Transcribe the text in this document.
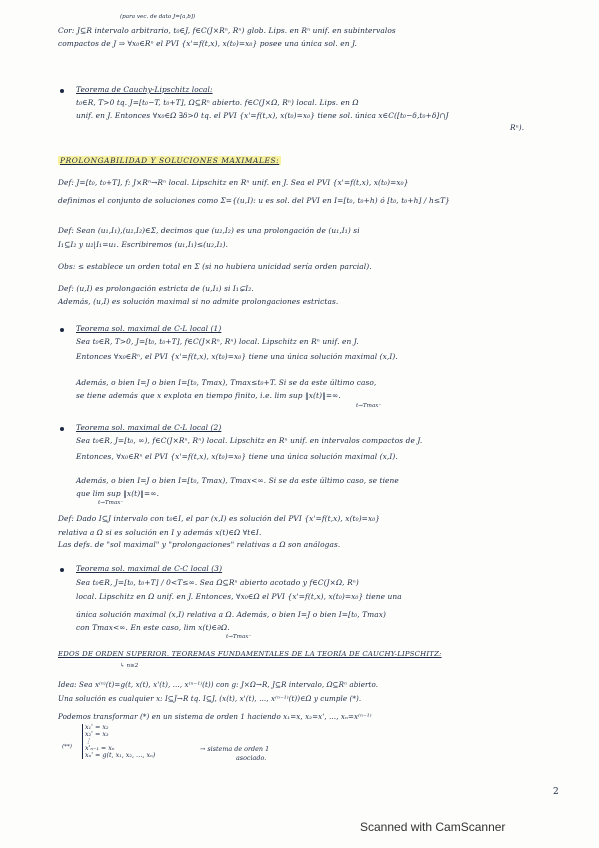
(para vec. de dato J=[a,b])
Cor: J⊆R intervalo arbitrario, t₀∈J, f∈C(J×Rⁿ, Rⁿ) glob. Lips. en Rⁿ unif. en subintervalos
compactos de J ⇒ ∀x₀∈Rⁿ el PVI {x'=f(t,x), x(t₀)=x₀} posee una única sol. en J.
Teorema de Cauchy-Lipschitz local:
t₀∈R, T>0 tq. J=[t₀−T, t₀+T], Ω⊆Rⁿ abierto. f∈C(J×Ω, Rⁿ) local. Lips. en Ω
unif. en J. Entonces ∀x₀∈Ω ∃δ>0 tq. el PVI {x'=f(t,x), x(t₀)=x₀} tiene sol. única x∈C([t₀−δ,t₀+δ]∩J
Rⁿ).
PROLONGABILIDAD Y SOLUCIONES MAXIMALES:
Def: J=[t₀, t₀+T], f: J×Rⁿ→Rⁿ local. Lipschitz en Rⁿ unif. en J. Sea el PVI {x'=f(t,x), x(t₀)=x₀}
definimos el conjunto de soluciones como Σ={(u,I): u es sol. del PVI en I=[t₀, t₀+h) ó [t₀, t₀+h] / h≤T}
Def: Sean (u₁,I₁),(u₂,I₂)∈Σ, decimos que (u₂,I₂) es una prolongación de (u₁,I₁) si
I₁⊆I₂ y u₂|I₁=u₁. Escribiremos (u₁,I₁)≤(u₂,I₂).
Obs: ≤ establece un orden total en Σ (si no hubiera unicidad sería orden parcial).
Def: (u,I) es prolongación estricta de (u,I₁) si I₁⊊I₂.
Además, (u,I) es solución maximal si no admite prolongaciones estrictas.
Teorema sol. maximal de C-L local (1)
Sea t₀∈R, T>0, J=[t₀, t₀+T], f∈C(J×Rⁿ, Rⁿ) local. Lipschitz en Rⁿ unif. en J.
Entonces ∀x₀∈Rⁿ, el PVI {x'=f(t,x), x(t₀)=x₀} tiene una única solución maximal (x,I).
Además, o bien I=J o bien I=[t₀, Tmax), Tmax≤t₀+T. Si se da este último caso,
se tiene además que x explota en tiempo finito, i.e. lim sup ‖x(t)‖=∞.
t→Tmax⁻
Teorema sol. maximal de C-L local (2)
Sea t₀∈R, J=[t₀, ∞), f∈C(J×Rⁿ, Rⁿ) local. Lipschitz en Rⁿ unif. en intervalos compactos de J.
Entonces, ∀x₀∈Rⁿ el PVI {x'=f(t,x), x(t₀)=x₀} tiene una única solución maximal (x,I).
Además, o bien I=J o bien I=[t₀, Tmax), Tmax<∞. Si se da este último caso, se tiene
que lim sup ‖x(t)‖=∞.
t→Tmax⁻
Def: Dado I⊆J intervalo con t₀∈I, el par (x,I) es solución del PVI {x'=f(t,x), x(t₀)=x₀}
relativa a Ω si es solución en I y además x(t)∈Ω ∀t∈I.
Las defs. de "sol maximal" y "prolongaciones" relativas a Ω son análogas.
Teorema sol. maximal de C-C local (3)
Sea t₀∈R, J=[t₀, t₀+T] / 0<T≤∞. Sea Ω⊆Rⁿ abierto acotado y f∈C(J×Ω, Rⁿ)
local. Lipschitz en Ω unif. en J. Entonces, ∀x₀∈Ω el PVI {x'=f(t,x), x(t₀)=x₀} tiene una
única solución maximal (x,I) relativa a Ω. Además, o bien I=J o bien I=[t₀, Tmax)
con Tmax<∞. En este caso, lim x(t)∈∂Ω.
t→Tmax⁻
EDOS DE ORDEN SUPERIOR. TEOREMAS FUNDAMENTALES DE LA TEORÍA DE CAUCHY-LIPSCHITZ:
↳ n≥2
Idea: Sea x⁽ⁿ⁾(t)=g(t, x(t), x'(t), …, x⁽ⁿ⁻¹⁾(t)) con g: J×Ω→R, J⊆R intervalo, Ω⊆Rⁿ abierto.
Una solución es cualquier x: I⊆J→R tq. I⊆J, (x(t), x'(t), …, x⁽ⁿ⁻¹⁾(t))∈Ω y cumple (*).
Podemos transformar (*) en un sistema de orden 1 haciendo x₁=x, x₂=x', …, xₙ=x⁽ⁿ⁻¹⁾
(**)
x₁' = x₂
x₂' = x₃
⋮
x'ₙ₋₁ = xₙ
xₙ' = g(t, x₁, x₂, …, xₙ)
→ sistema de orden 1
asociado.
2
Scanned with CamScanner
